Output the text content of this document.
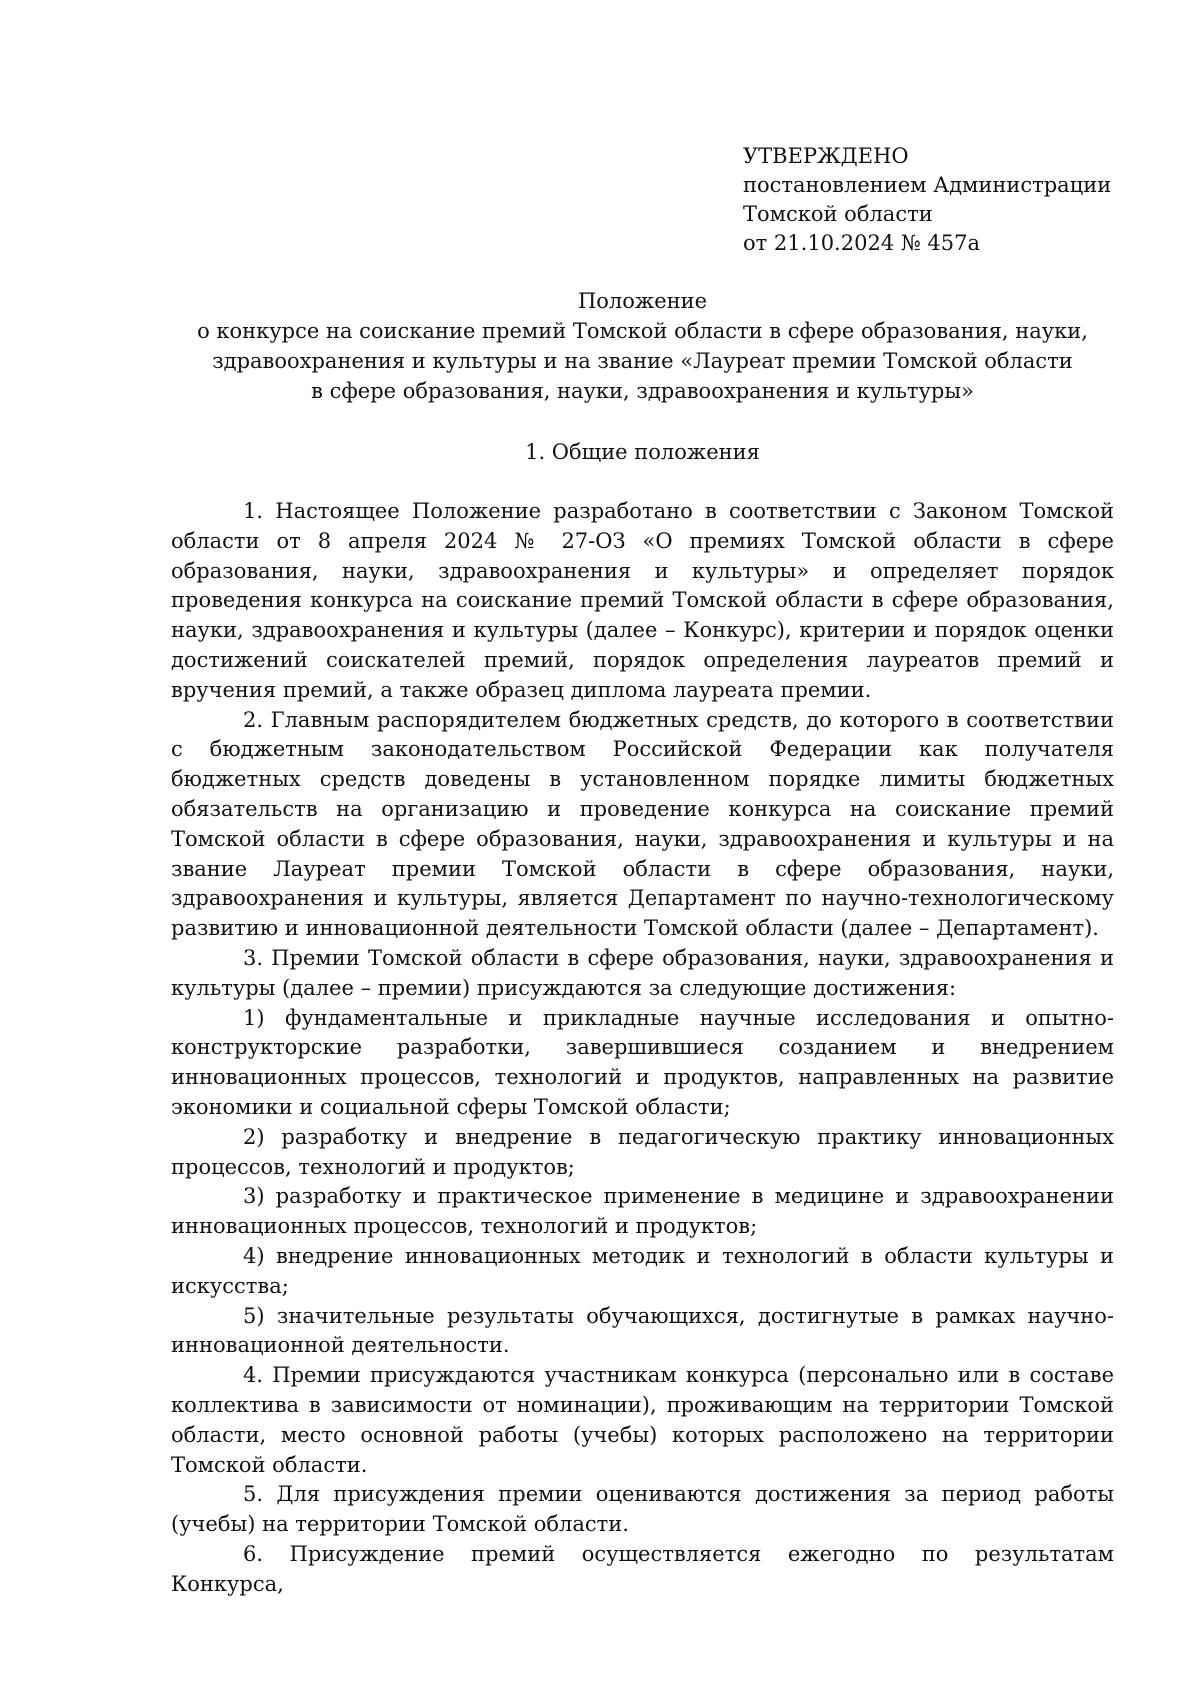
УТВЕРЖДЕНО
постановлением Администрации
Томской области
от 21.10.2024 № 457а
Положение
о конкурсе на соискание премий Томской области в сфере образования, науки,
здравоохранения и культуры и на звание «Лауреат премии Томской области
в сфере образования, науки, здравоохранения и культуры»
1. Общие положения

1. Настоящее Положение разработано в соответствии с Законом Томской области от 8 апреля 2024 № 27-ОЗ «О премиях Томской области в сфере образования, науки, здравоохранения и культуры» и определяет порядок проведения конкурса на соискание премий Томской области в сфере образования, науки, здравоохранения и культуры (далее – Конкурс), критерии и порядок оценки достижений соискателей премий, порядок определения лауреатов премий и вручения премий, а также образец диплома лауреата премии.

2. Главным распорядителем бюджетных средств, до которого в соответствии с бюджетным законодательством Российской Федерации как получателя бюджетных средств доведены в установленном порядке лимиты бюджетных обязательств на организацию и проведение конкурса на соискание премий Томской области в сфере образования, науки, здравоохранения и культуры и на звание Лауреат премии Томской области в сфере образования, науки, здравоохранения и культуры, является Департамент по научно-технологическому развитию и инновационной деятельности Томской области (далее – Департамент).

3. Премии Томской области в сфере образования, науки, здравоохранения и культуры (далее – премии) присуждаются за следующие достижения:

1) фундаментальные и прикладные научные исследования и опытно-конструкторские разработки, завершившиеся созданием и внедрением инновационных процессов, технологий и продуктов, направленных на развитие экономики и социальной сферы Томской области;

2) разработку и внедрение в педагогическую практику инновационных процессов, технологий и продуктов;

3) разработку и практическое применение в медицине и здравоохранении инновационных процессов, технологий и продуктов;

4) внедрение инновационных методик и технологий в области культуры и искусства;

5) значительные результаты обучающихся, достигнутые в рамках научно-инновационной деятельности.

4. Премии присуждаются участникам конкурса (персонально или в составе коллектива в зависимости от номинации), проживающим на территории Томской области, место основной работы (учебы) которых расположено на территории Томской области.

5. Для присуждения премии оцениваются достижения за период работы (учебы) на территории Томской области.

6. Присуждение премий осуществляется ежегодно по результатам Конкурса,
